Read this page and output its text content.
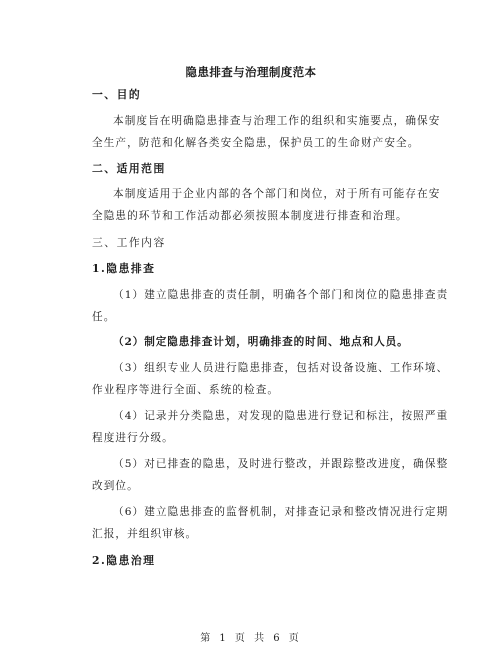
隐患排查与治理制度范本
一、目的
本制度旨在明确隐患排查与治理工作的组织和实施要点，确保安
全生产，防范和化解各类安全隐患，保护员工的生命财产安全。
二、适用范围
本制度适用于企业内部的各个部门和岗位，对于所有可能存在安
全隐患的环节和工作活动都必须按照本制度进行排查和治理。
三、工作内容
1.隐患排查
（1）建立隐患排查的责任制，明确各个部门和岗位的隐患排查责
任。
（2）制定隐患排查计划，明确排查的时间、地点和人员。
（3）组织专业人员进行隐患排查，包括对设备设施、工作环境、
作业程序等进行全面、系统的检查。
（4）记录并分类隐患，对发现的隐患进行登记和标注，按照严重
程度进行分级。
（5）对已排查的隐患，及时进行整改，并跟踪整改进度，确保整
改到位。
（6）建立隐患排查的监督机制，对排查记录和整改情况进行定期
汇报，并组织审核。
2.隐患治理
第 1 页 共 6 页
